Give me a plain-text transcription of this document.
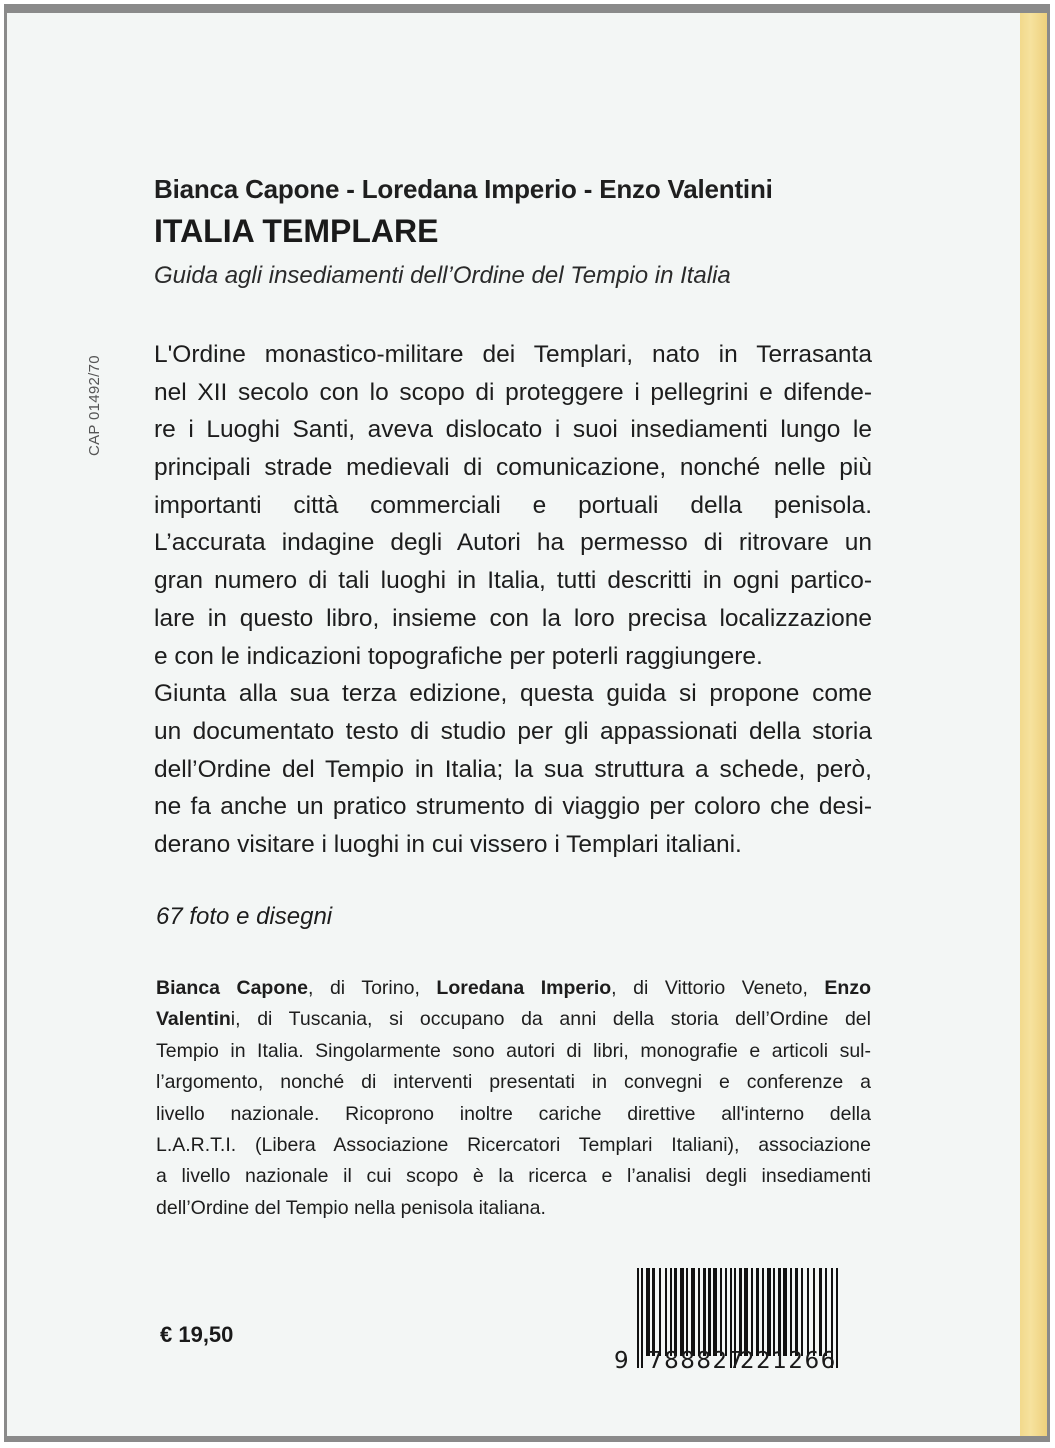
CAP 01492/70
Bianca Capone - Loredana Imperio - Enzo Valentini
ITALIA TEMPLARE
Guida agli insediamenti dell’Ordine del Tempio in Italia
L'Ordine monastico-militare dei Templari, nato in Terrasanta
nel XII secolo con lo scopo di proteggere i pellegrini e difende-
re i Luoghi Santi, aveva dislocato i suoi insediamenti lungo le
principali strade medievali di comunicazione, nonché nelle più
importanti città commerciali e portuali della penisola.
L’accurata indagine degli Autori ha permesso di ritrovare un
gran numero di tali luoghi in Italia, tutti descritti in ogni partico-
lare in questo libro, insieme con la loro precisa localizzazione
e con le indicazioni topografiche per poterli raggiungere.
Giunta alla sua terza edizione, questa guida si propone come
un documentato testo di studio per gli appassionati della storia
dell’Ordine del Tempio in Italia; la sua struttura a schede, però,
ne fa anche un pratico strumento di viaggio per coloro che desi-
derano visitare i luoghi in cui vissero i Templari italiani.
67 foto e disegni
Bianca Capone, di Torino, Loredana Imperio, di Vittorio Veneto, Enzo
Valentini, di Tuscania, si occupano da anni della storia dell’Ordine del
Tempio in Italia. Singolarmente sono autori di libri, monografie e articoli sul-
l’argomento, nonché di interventi presentati in convegni e conferenze a
livello nazionale. Ricoprono inoltre cariche direttive all'interno della
L.A.R.T.I. (Libera Associazione Ricercatori Templari Italiani), associazione
a livello nazionale il cui scopo è la ricerca e l’analisi degli insediamenti
dell’Ordine del Tempio nella penisola italiana.
€ 19,50
9 788827
221266
